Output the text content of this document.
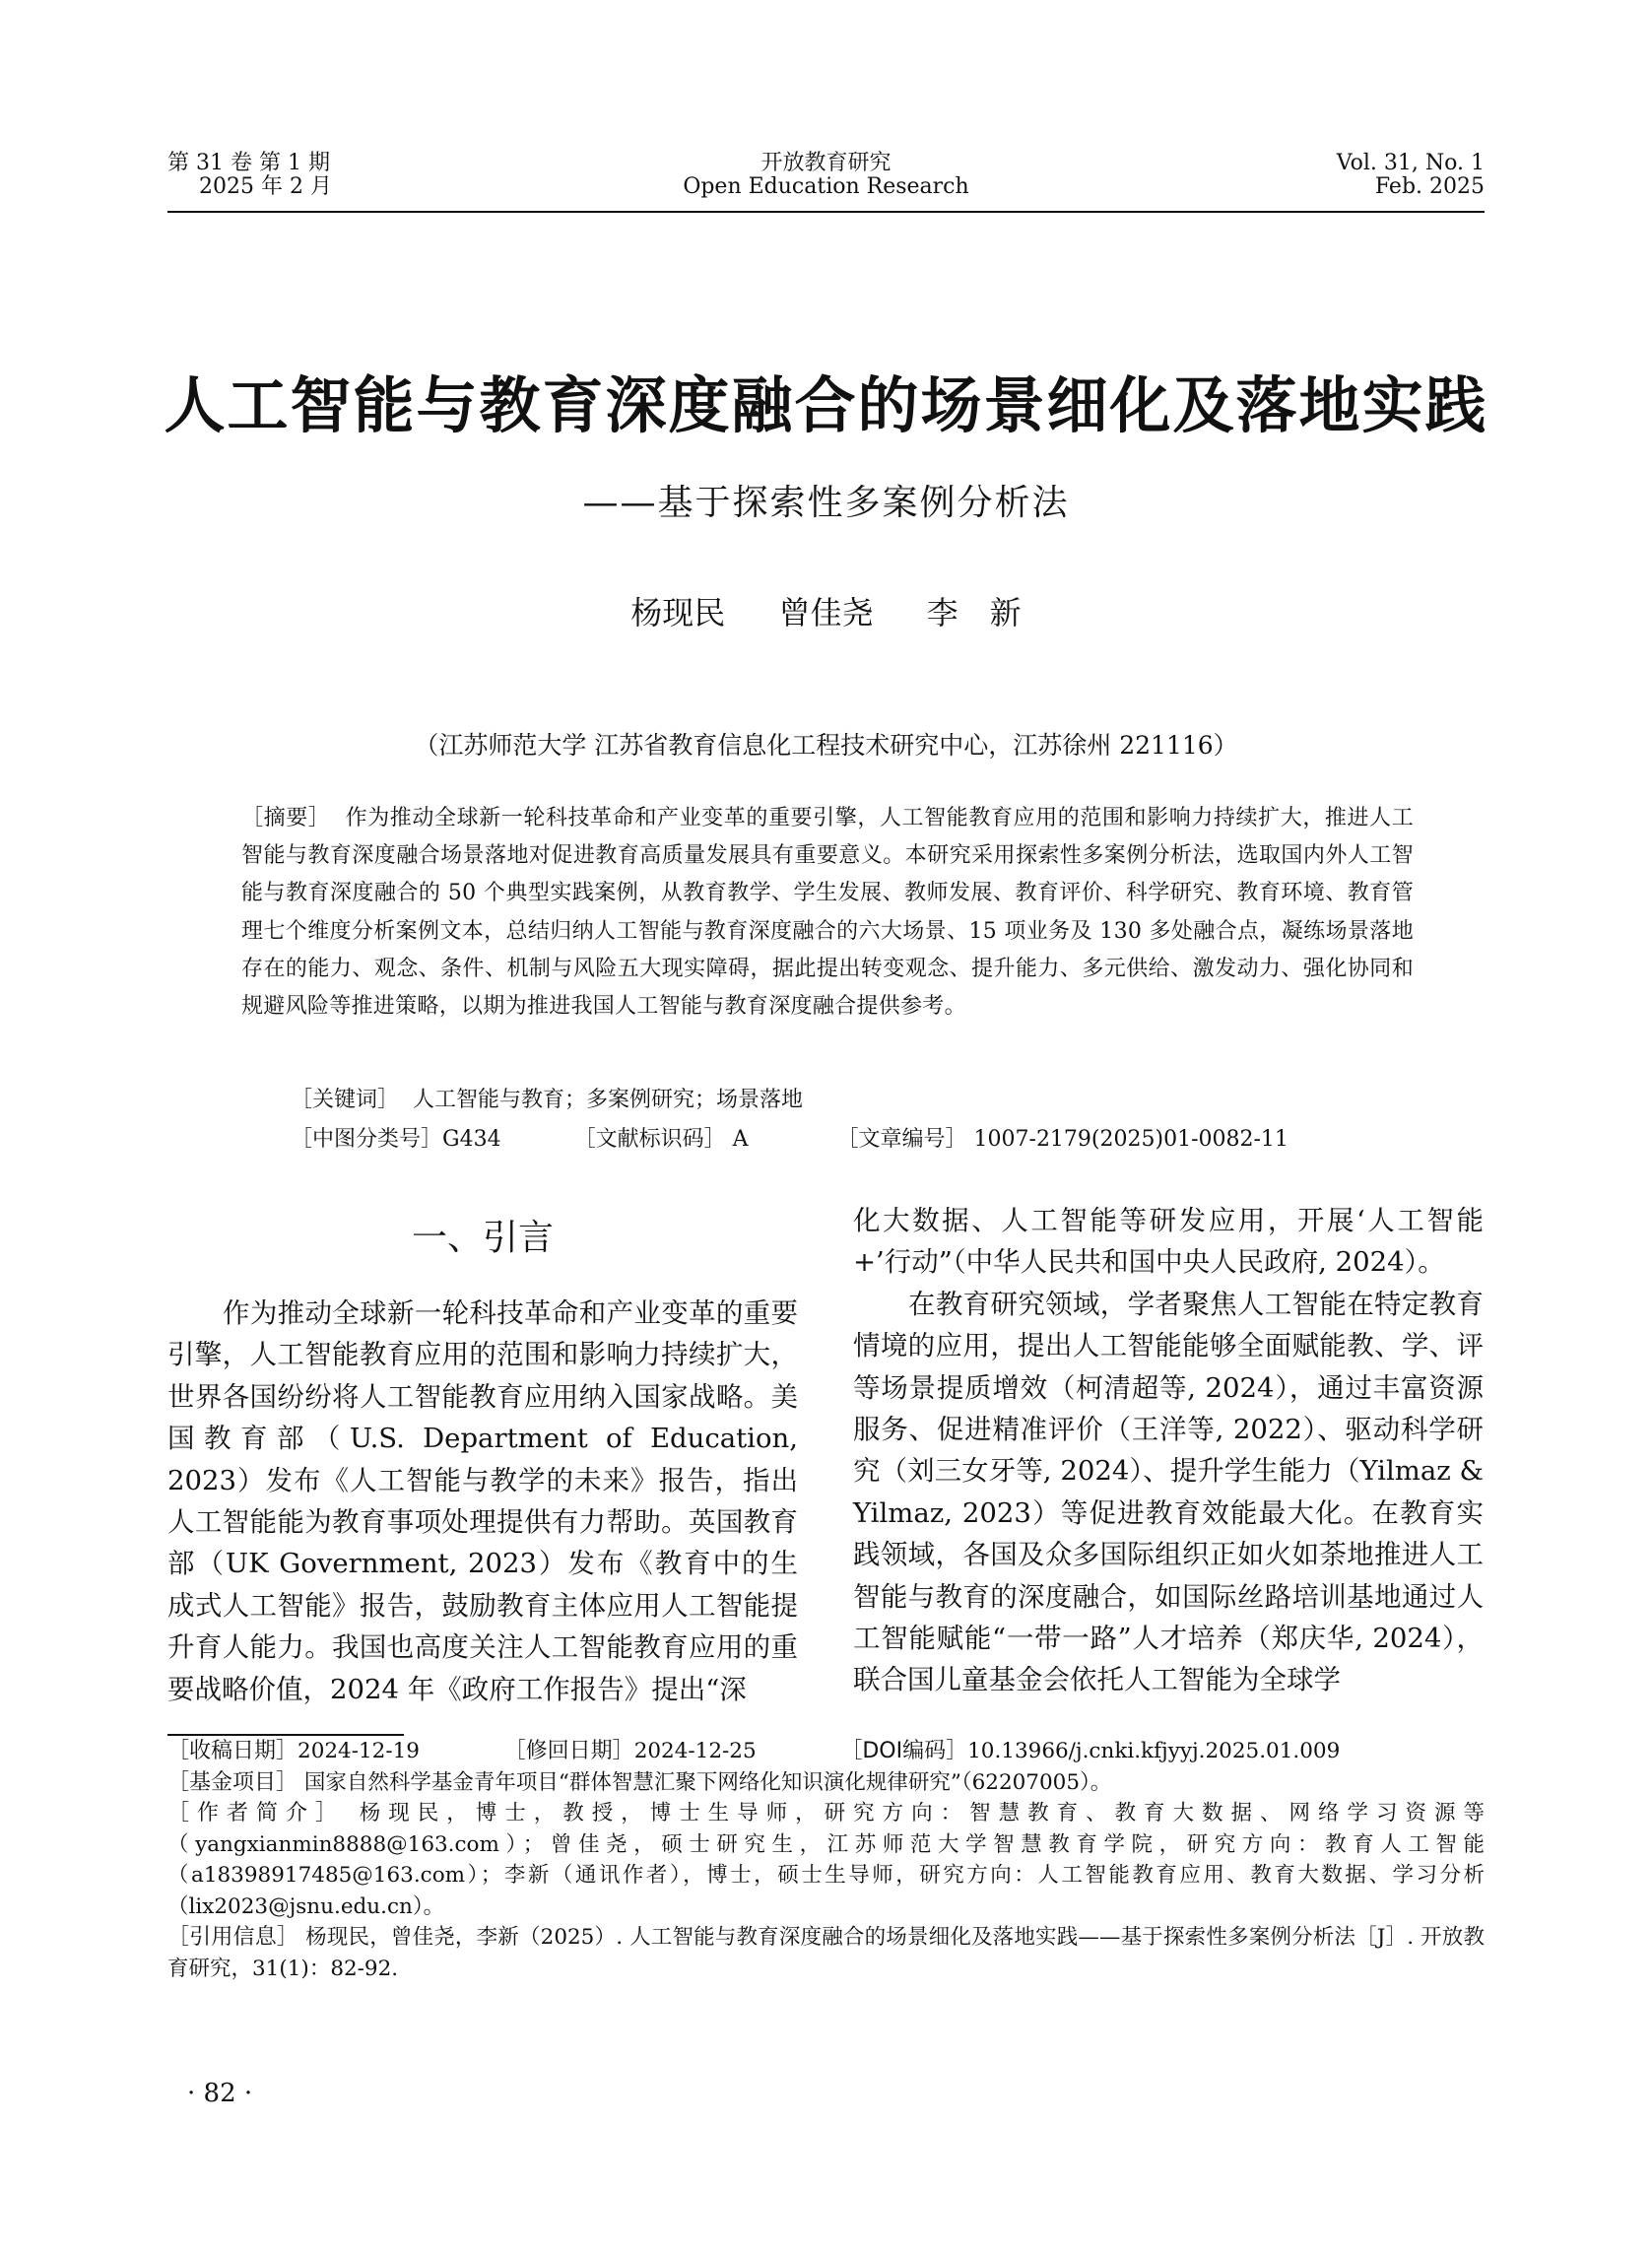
第 31 卷 第 1 期
2025 年 2 月
开放教育研究
Open Education Research
Vol. 31, No. 1
Feb. 2025
人工智能与教育深度融合的场景细化及落地实践
——基于探索性多案例分析法
杨现民 曾佳尧 李　新
（江苏师范大学 江苏省教育信息化工程技术研究中心，江苏徐州 221116）
［摘要］ 作为推动全球新一轮科技革命和产业变革的重要引擎，人工智能教育应用的范围和影响力持续扩大，推进人工智能与教育深度融合场景落地对促进教育高质量发展具有重要意义。本研究采用探索性多案例分析法，选取国内外人工智能与教育深度融合的 50 个典型实践案例，从教育教学、学生发展、教师发展、教育评价、科学研究、教育环境、教育管理七个维度分析案例文本，总结归纳人工智能与教育深度融合的六大场景、15 项业务及 130 多处融合点，凝练场景落地存在的能力、观念、条件、机制与风险五大现实障碍，据此提出转变观念、提升能力、多元供给、激发动力、强化协同和规避风险等推进策略，以期为推进我国人工智能与教育深度融合提供参考。
［关键词］ 人工智能与教育；多案例研究；场景落地
［中图分类号］G434	［文献标识码］ A	［文章编号］ 1007-2179(2025)01-0082-11
一、引言
作为推动全球新一轮科技革命和产业变革的重要引擎，人工智能教育应用的范围和影响力持续扩大，世界各国纷纷将人工智能教育应用纳入国家战略。美国教育部（U.S. Department of Education, 2023）发布《人工智能与教学的未来》报告，指出人工智能能为教育事项处理提供有力帮助。英国教育部（UK Government, 2023）发布《教育中的生成式人工智能》报告，鼓励教育主体应用人工智能提升育人能力。我国也高度关注人工智能教育应用的重要战略价值，2024 年《政府工作报告》提出“深

化大数据、人工智能等研发应用，开展‘人工智能+’行动”（中华人民共和国中央人民政府, 2024）。

在教育研究领域，学者聚焦人工智能在特定教育情境的应用，提出人工智能能够全面赋能教、学、评等场景提质增效（柯清超等, 2024），通过丰富资源服务、促进精准评价（王洋等, 2022）、驱动科学研究（刘三女牙等, 2024）、提升学生能力（Yilmaz & Yilmaz, 2023）等促进教育效能最大化。在教育实践领域，各国及众多国际组织正如火如荼地推进人工智能与教育的深度融合，如国际丝路培训基地通过人工智能赋能“一带一路”人才培养（郑庆华, 2024），联合国儿童基金会依托人工智能为全球学

［收稿日期］2024-12-19	［修回日期］2024-12-25	［DOI编码］10.13966/j.cnki.kfjyyj.2025.01.009

［基金项目］ 国家自然科学基金青年项目“群体智慧汇聚下网络化知识演化规律研究”（62207005）。

［作者简介］ 杨现民，博士，教授，博士生导师，研究方向：智慧教育、教育大数据、网络学习资源等（yangxianmin8888@163.com）；曾佳尧，硕士研究生，江苏师范大学智慧教育学院，研究方向：教育人工智能（a18398917485@163.com）；李新（通讯作者），博士，硕士生导师，研究方向：人工智能教育应用、教育大数据、学习分析（lix2023@jsnu.edu.cn）。

［引用信息］ 杨现民，曾佳尧，李新（2025）. 人工智能与教育深度融合的场景细化及落地实践——基于探索性多案例分析法［J］. 开放教育研究，31(1)：82-92.

· 82 ·
